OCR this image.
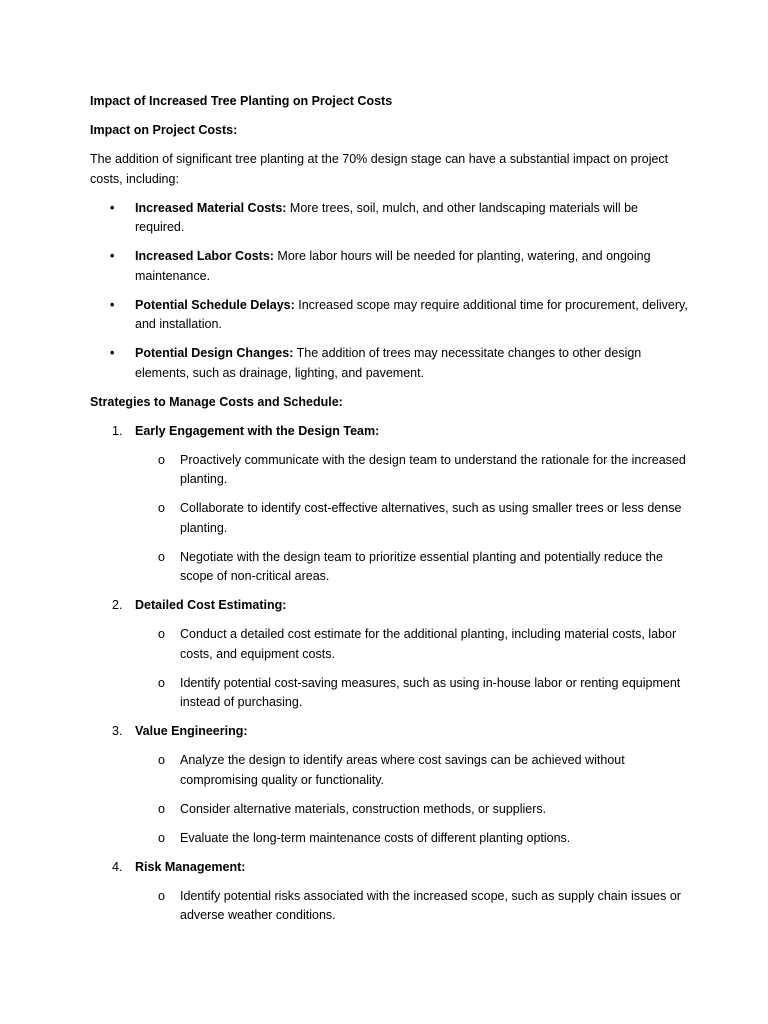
Impact of Increased Tree Planting on Project Costs
Impact on Project Costs:
The addition of significant tree planting at the 70% design stage can have a substantial impact on project costs, including:
• Increased Material Costs: More trees, soil, mulch, and other landscaping materials will be required.
• Increased Labor Costs: More labor hours will be needed for planting, watering, and ongoing maintenance.
• Potential Schedule Delays: Increased scope may require additional time for procurement, delivery, and installation.
• Potential Design Changes: The addition of trees may necessitate changes to other design elements, such as drainage, lighting, and pavement.
Strategies to Manage Costs and Schedule:
1. Early Engagement with the Design Team:
o Proactively communicate with the design team to understand the rationale for the increased planting.
o Collaborate to identify cost-effective alternatives, such as using smaller trees or less dense planting.
o Negotiate with the design team to prioritize essential planting and potentially reduce the scope of non-critical areas.
2. Detailed Cost Estimating:
o Conduct a detailed cost estimate for the additional planting, including material costs, labor costs, and equipment costs.
o Identify potential cost-saving measures, such as using in-house labor or renting equipment instead of purchasing.
3. Value Engineering:
o Analyze the design to identify areas where cost savings can be achieved without compromising quality or functionality.
o Consider alternative materials, construction methods, or suppliers.
o Evaluate the long-term maintenance costs of different planting options.
4. Risk Management:
o Identify potential risks associated with the increased scope, such as supply chain issues or adverse weather conditions.
